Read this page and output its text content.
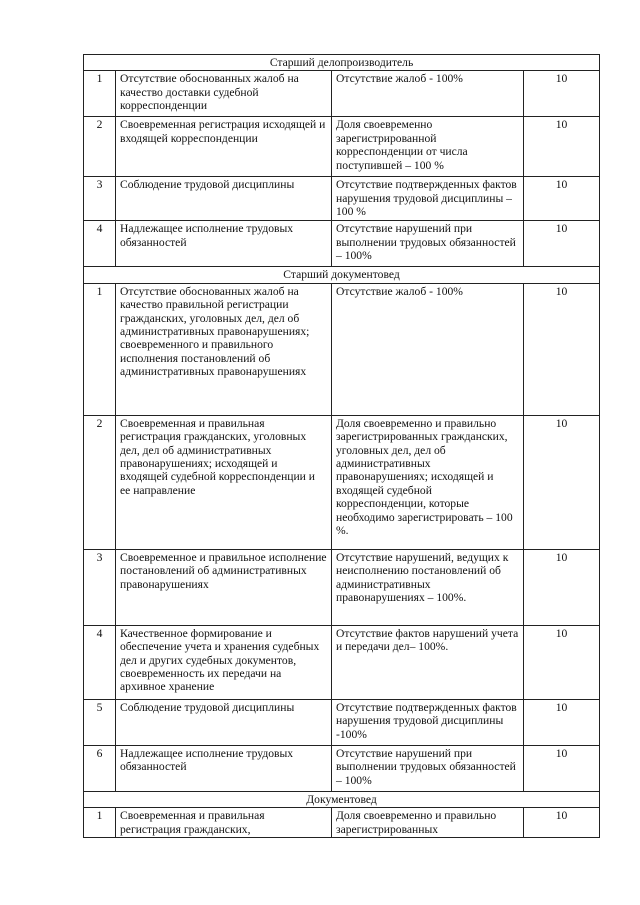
Старший делопроизводитель			
1	Отсутствие обоснованных жалоб на качество доставки судебной корреспонденции	Отсутствие жалоб - 100%	10
2	Своевременная регистрация исходящей и входящей корреспонденции	Доля своевременно зарегистрированной корреспонденции от числа поступившей – 100 %	10
3	Соблюдение трудовой дисциплины	Отсутствие подтвержденных фактов нарушения трудовой дисциплины – 100 %	10
4	Надлежащее исполнение трудовых обязанностей	Отсутствие нарушений при выполнении трудовых обязанностей – 100%	10
Старший документовед			
1	Отсутствие обоснованных жалоб на качество правильной регистрации гражданских, уголовных дел, дел об административных правонарушениях; своевременного и правильного исполнения постановлений об административных правонарушениях	Отсутствие жалоб - 100%	10
2	Своевременная и правильная регистрация гражданских, уголовных дел, дел об административных правонарушениях; исходящей и входящей судебной корреспонденции и ее направление	Доля своевременно и правильно зарегистрированных гражданских, уголовных дел, дел об административных правонарушениях; исходящей и входящей судебной корреспонденции, которые необходимо зарегистрировать – 100 %.	10
3	Своевременное и правильное исполнение постановлений об административных правонарушениях	Отсутствие нарушений, ведущих к неисполнению постановлений об административных правонарушениях – 100%.	10
4	Качественное формирование и обеспечение учета и хранения судебных дел и других судебных документов, своевременность их передачи на архивное хранение	Отсутствие фактов нарушений учета и передачи дел– 100%.	10
5	Соблюдение трудовой дисциплины	Отсутствие подтвержденных фактов нарушения трудовой дисциплины -100%	10
6	Надлежащее исполнение трудовых обязанностей	Отсутствие нарушений при выполнении трудовых обязанностей – 100%	10
Документовед			
1	Своевременная и правильная регистрация гражданских,	Доля своевременно и правильно зарегистрированных	10
